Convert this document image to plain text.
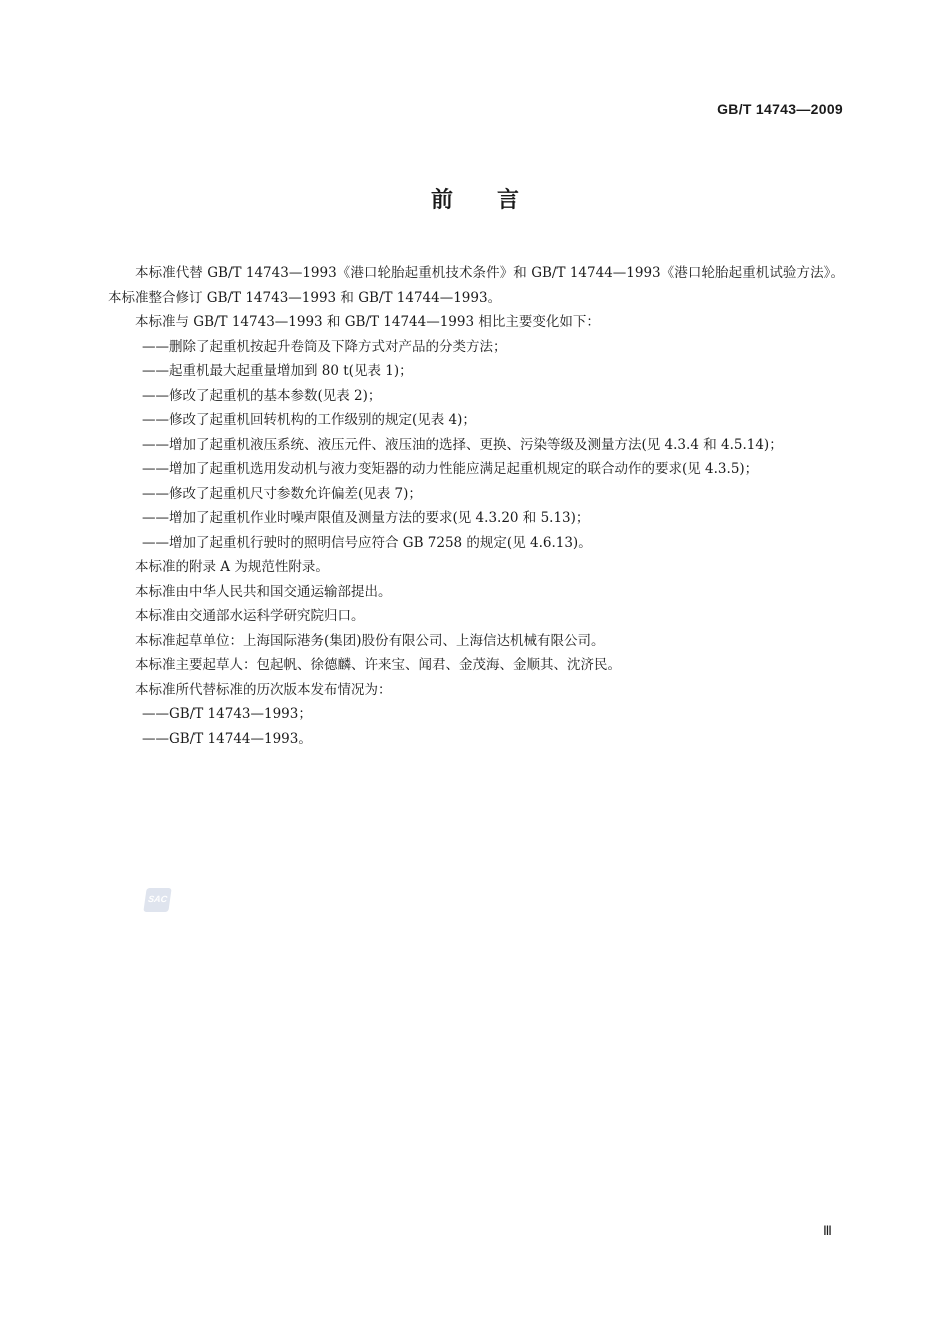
GB/T 14743—2009
前言

本标准代替 GB/T 14743—1993《港口轮胎起重机技术条件》和 GB/T 14744—1993《港口轮胎起重机试验方法》。本标准整合修订 GB/T 14743—1993 和 GB/T 14744—1993。

本标准与 GB/T 14743—1993 和 GB/T 14744—1993 相比主要变化如下：

——删除了起重机按起升卷筒及下降方式对产品的分类方法；

——起重机最大起重量增加到 80 t(见表 1)；

——修改了起重机的基本参数(见表 2)；

——修改了起重机回转机构的工作级别的规定(见表 4)；

——增加了起重机液压系统、液压元件、液压油的选择、更换、污染等级及测量方法(见 4.3.4 和 4.5.14)；

——增加了起重机选用发动机与液力变矩器的动力性能应满足起重机规定的联合动作的要求(见 4.3.5)；

——修改了起重机尺寸参数允许偏差(见表 7)；

——增加了起重机作业时噪声限值及测量方法的要求(见 4.3.20 和 5.13)；

——增加了起重机行驶时的照明信号应符合 GB 7258 的规定(见 4.6.13)。

本标准的附录 A 为规范性附录。

本标准由中华人民共和国交通运输部提出。

本标准由交通部水运科学研究院归口。

本标准起草单位：上海国际港务(集团)股份有限公司、上海信达机械有限公司。

本标准主要起草人：包起帆、徐德麟、许来宝、闻君、金茂海、金顺其、沈济民。

本标准所代替标准的历次版本发布情况为：

——GB/T 14743—1993；

——GB/T 14744—1993。

SAC
Ⅲ
